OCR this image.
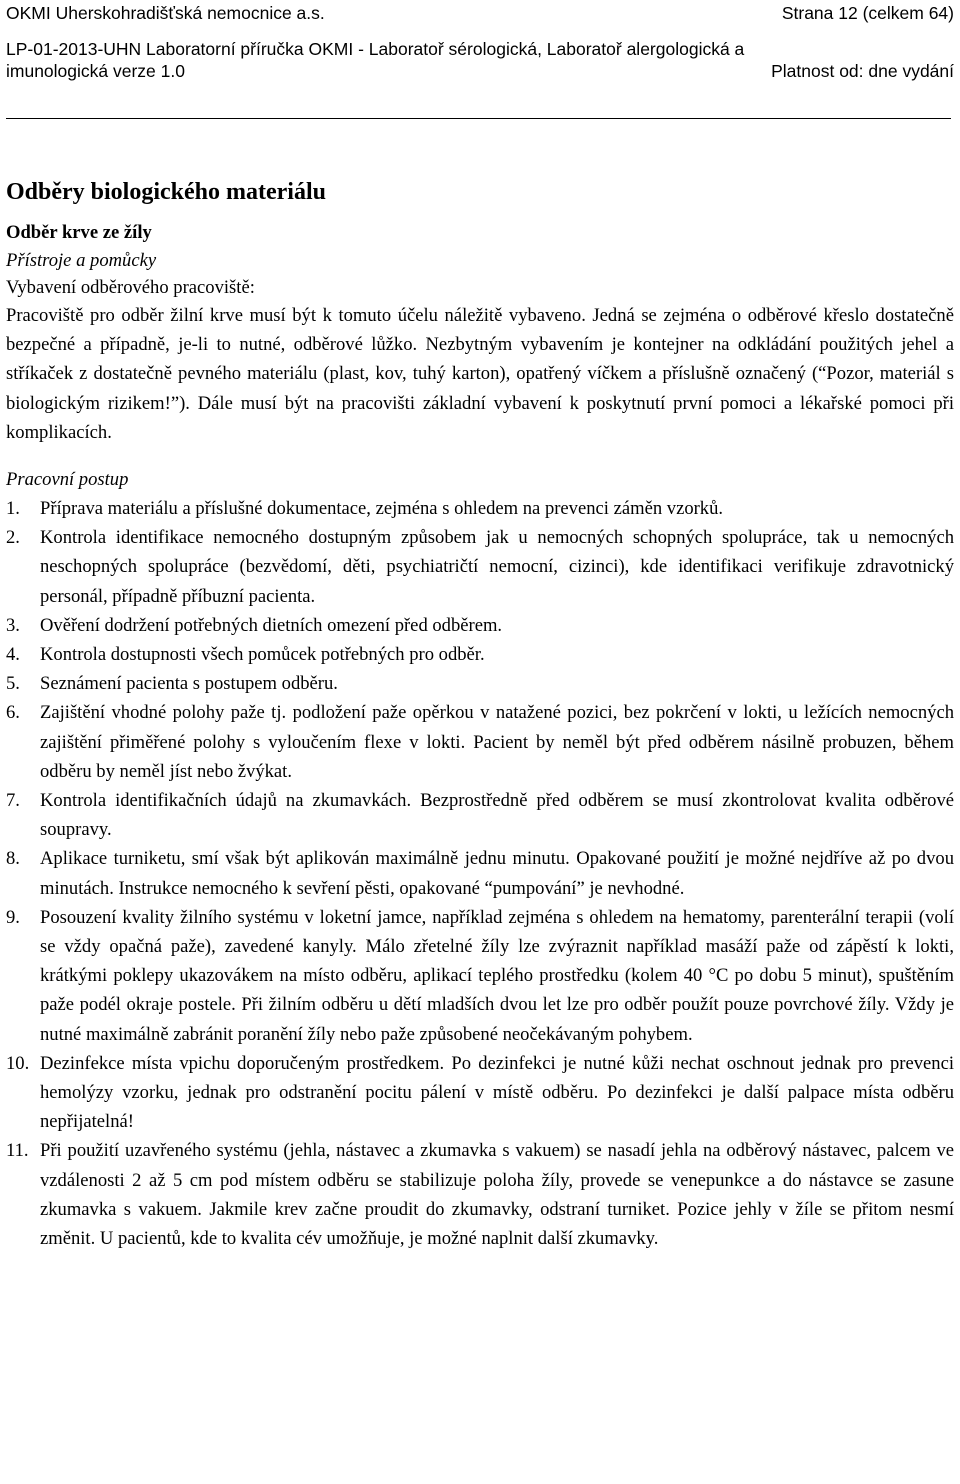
OKMI Uherskohradišťská nemocnice a.s.	Strana 12 (celkem 64)
LP-01-2013-UHN Laboratorní příručka OKMI - Laboratoř sérologická, Laboratoř alergologická a
imunologická verze 1.0	Platnost od: dne vydání
Odběry biologického materiálu
Odběr krve ze žíly

Přístroje a pomůcky

Vybavení odběrového pracoviště:

Pracoviště pro odběr žilní krve musí být k tomuto účelu náležitě vybaveno. Jedná se zejména o odběrové křeslo dostatečně bezpečné a případně, je-li to nutné, odběrové lůžko. Nezbytným vybavením je kontejner na odkládání použitých jehel a stříkaček z dostatečně pevného materiálu (plast, kov, tuhý karton), opatřený víčkem a příslušně označený (“Pozor, materiál s biologickým rizikem!”). Dále musí být na pracovišti základní vybavení k poskytnutí první pomoci a lékařské pomoci při komplikacích.

Pracovní postup

1. Příprava materiálu a příslušné dokumentace, zejména s ohledem na prevenci záměn vzorků.
2. Kontrola identifikace nemocného dostupným způsobem jak u nemocných schopných spolupráce, tak u nemocných neschopných spolupráce (bezvědomí, děti, psychiatričtí nemocní, cizinci), kde identifikaci verifikuje zdravotnický personál, případně příbuzní pacienta.
3. Ověření dodržení potřebných dietních omezení před odběrem.
4. Kontrola dostupnosti všech pomůcek potřebných pro odběr.
5. Seznámení pacienta s postupem odběru.
6. Zajištění vhodné polohy paže tj. podložení paže opěrkou v natažené pozici, bez pokrčení v lokti, u ležících nemocných zajištění přiměřené polohy s vyloučením flexe v lokti. Pacient by neměl být před odběrem násilně probuzen, během odběru by neměl jíst nebo žvýkat.
7. Kontrola identifikačních údajů na zkumavkách. Bezprostředně před odběrem se musí zkontrolovat kvalita odběrové soupravy.
8. Aplikace turniketu, smí však být aplikován maximálně jednu minutu. Opakované použití je možné nejdříve až po dvou minutách. Instrukce nemocného k sevření pěsti, opakované “pumpování” je nevhodné.
9. Posouzení kvality žilního systému v loketní jamce, například zejména s ohledem na hematomy, parenterální terapii (volí se vždy opačná paže), zavedené kanyly. Málo zřetelné žíly lze zvýraznit například masáží paže od zápěstí k lokti, krátkými poklepy ukazovákem na místo odběru, aplikací teplého prostředku (kolem 40 °C po dobu 5 minut), spuštěním paže podél okraje postele. Při žilním odběru u dětí mladších dvou let lze pro odběr použít pouze povrchové žíly. Vždy je nutné maximálně zabránit poranění žíly nebo paže způsobené neočekávaným pohybem.
10. Dezinfekce místa vpichu doporučeným prostředkem. Po dezinfekci je nutné kůži nechat oschnout jednak pro prevenci hemolýzy vzorku, jednak pro odstranění pocitu pálení v místě odběru. Po dezinfekci je další palpace místa odběru nepřijatelná!
11. Při použití uzavřeného systému (jehla, nástavec a zkumavka s vakuem) se nasadí jehla na odběrový nástavec, palcem ve vzdálenosti 2 až 5 cm pod místem odběru se stabilizuje poloha žíly, provede se venepunkce a do nástavce se zasune zkumavka s vakuem. Jakmile krev začne proudit do zkumavky, odstraní turniket. Pozice jehly v žíle se přitom nesmí změnit. U pacientů, kde to kvalita cév umožňuje, je možné naplnit další zkumavky.
